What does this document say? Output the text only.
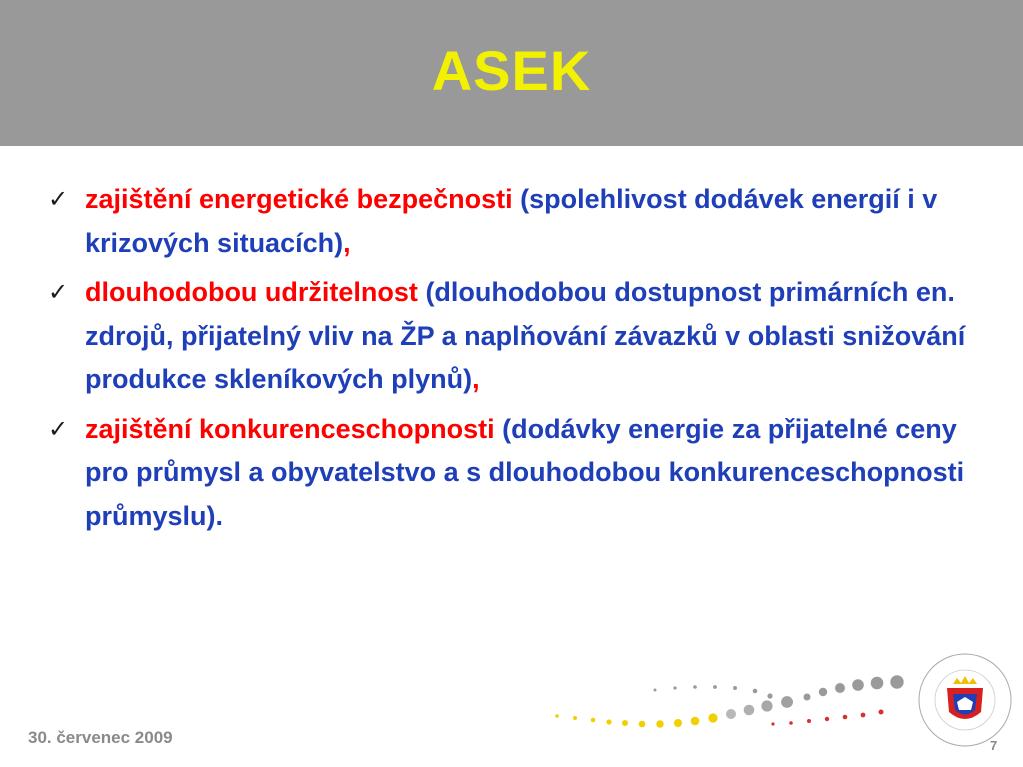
ASEK
✓ zajištění energetické bezpečnosti (spolehlivost dodávek energií i v krizových situacích),
✓ dlouhodobou udržitelnost (dlouhodobou dostupnost primárních en. zdrojů, přijatelný vliv na ŽP a naplňování závazků v oblasti snižování produkce skleníkových plynů),
✓ zajištění konkurenceschopnosti (dodávky energie za přijatelné ceny pro průmysl a obyvatelstvo a s dlouhodobou konkurenceschopnosti průmyslu).
30. červenec 2009	7
